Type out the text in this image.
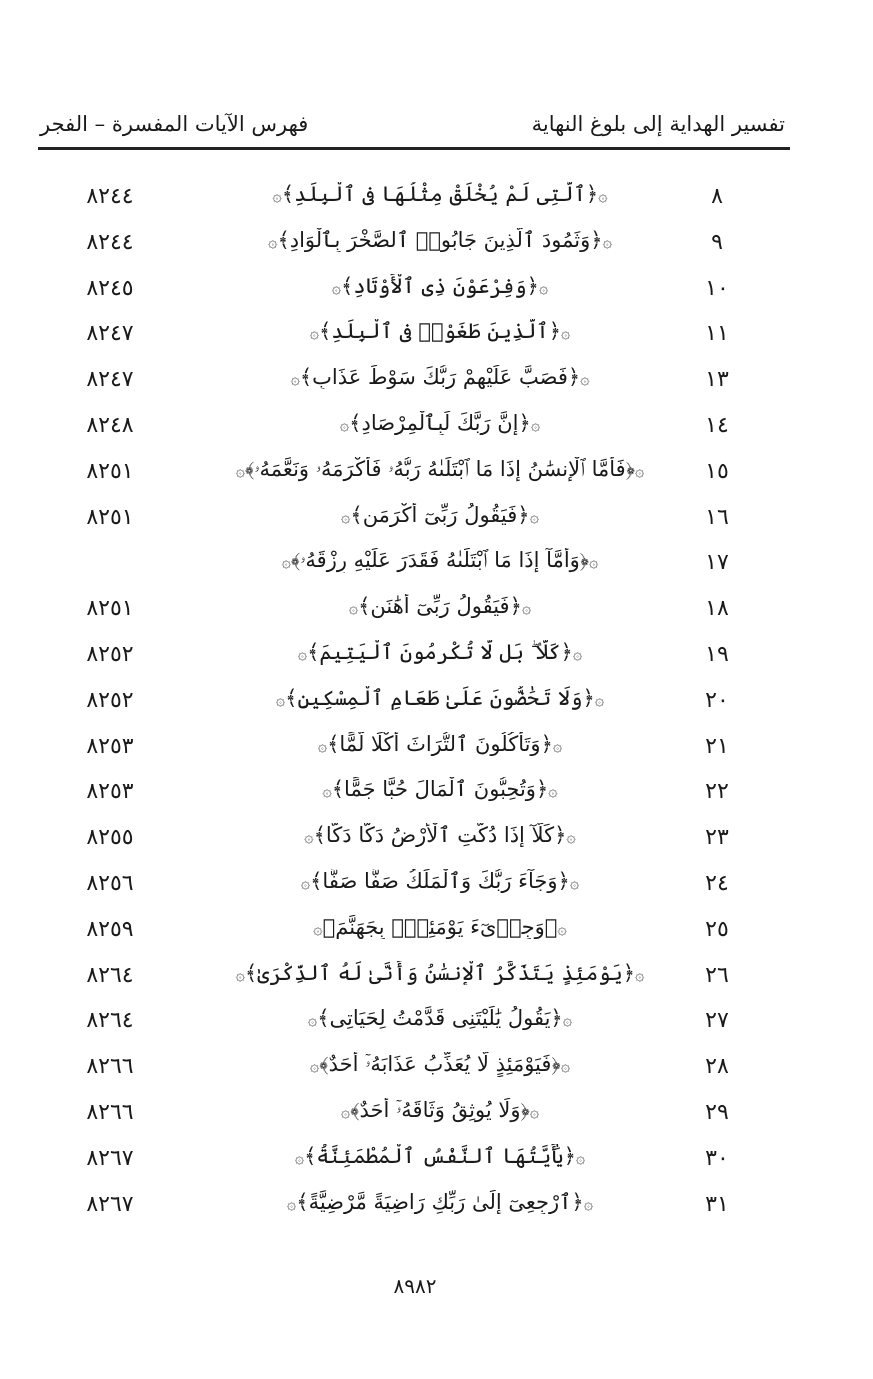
تفسير الهداية إلى بلوغ النهاية
فهرس الآيات المفسرة – الفجر
٨
۞﴿ٱلَّتِى لَمْ يُخْلَقْ مِثْلُهَا فِى ٱلْبِلَٰدِ﴾۞
٨٢٤٤
٩
۞﴿وَثَمُودَ ٱلَّذِينَ جَابُوا۟ ٱلصَّخْرَ بِٱلْوَادِ﴾۞
٨٢٤٤
١٠
۞﴿وَفِرْعَوْنَ ذِى ٱلْأَوْتَادِ﴾۞
٨٢٤٥
١١
۞﴿ٱلَّذِينَ طَغَوْا۟ فِى ٱلْبِلَٰدِ﴾۞
٨٢٤٧
١٣
۞﴿فَصَبَّ عَلَيْهِمْ رَبُّكَ سَوْطَ عَذَابٍ﴾۞
٨٢٤٧
١٤
۞﴿إِنَّ رَبَّكَ لَبِٱلْمِرْصَادِ﴾۞
٨٢٤٨
١٥
۞﴿فَأَمَّا ٱلْإِنسَٰنُ إِذَا مَا ٱبْتَلَىٰهُ رَبُّهُۥ فَأَكْرَمَهُۥ وَنَعَّمَهُۥ﴾۞
٨٢٥١
١٦
۞﴿فَيَقُولُ رَبِّىٓ أَكْرَمَنِ﴾۞
٨٢٥١
١٧
۞﴿وَأَمَّآ إِذَا مَا ٱبْتَلَىٰهُ فَقَدَرَ عَلَيْهِ رِزْقَهُۥ﴾۞
١٨
۞﴿فَيَقُولُ رَبِّىٓ أَهَٰنَنِ﴾۞
٨٢٥١
١٩
۞﴿كَلَّا ۖ بَل لَّا تُكْرِمُونَ ٱلْيَتِيمَ﴾۞
٨٢٥٢
٢٠
۞﴿وَلَا تَحَٰٓضُّونَ عَلَىٰ طَعَامِ ٱلْمِسْكِينِ﴾۞
٨٢٥٢
٢١
۞﴿وَتَأْكُلُونَ ٱلتُّرَاثَ أَكْلًا لَّمًّا﴾۞
٨٢٥٣
٢٢
۞﴿وَتُحِبُّونَ ٱلْمَالَ حُبًّا جَمًّا﴾۞
٨٢٥٣
٢٣
۞﴿كَلَّآ إِذَا دُكَّتِ ٱلْأَرْضُ دَكًّا دَكًّا﴾۞
٨٢٥٥
٢٤
۞﴿وَجَآءَ رَبُّكَ وَٱلْمَلَكُ صَفًّا صَفًّا﴾۞
٨٢٥٦
٢٥
۞﴿وَجِا۟ىٓءَ يَوْمَئِذٍۭ بِجَهَنَّمَ﴾۞
٨٢٥٩
٢٦
۞﴿يَوْمَئِذٍ يَتَذَكَّرُ ٱلْإِنسَٰنُ وَأَنَّىٰ لَهُ ٱلذِّكْرَىٰ﴾۞
٨٢٦٤
٢٧
۞﴿يَقُولُ يَٰلَيْتَنِى قَدَّمْتُ لِحَيَاتِى﴾۞
٨٢٦٤
٢٨
۞﴿فَيَوْمَئِذٍ لَّا يُعَذِّبُ عَذَابَهُۥٓ أَحَدٌ﴾۞
٨٢٦٦
٢٩
۞﴿وَلَا يُوثِقُ وَثَاقَهُۥٓ أَحَدٌ﴾۞
٨٢٦٦
٣٠
۞﴿يَٰٓأَيَّتُهَا ٱلنَّفْسُ ٱلْمُطْمَئِنَّةُ﴾۞
٨٢٦٧
٣١
۞﴿ٱرْجِعِىٓ إِلَىٰ رَبِّكِ رَاضِيَةً مَّرْضِيَّةً﴾۞
٨٢٦٧
٨٩٨٢
